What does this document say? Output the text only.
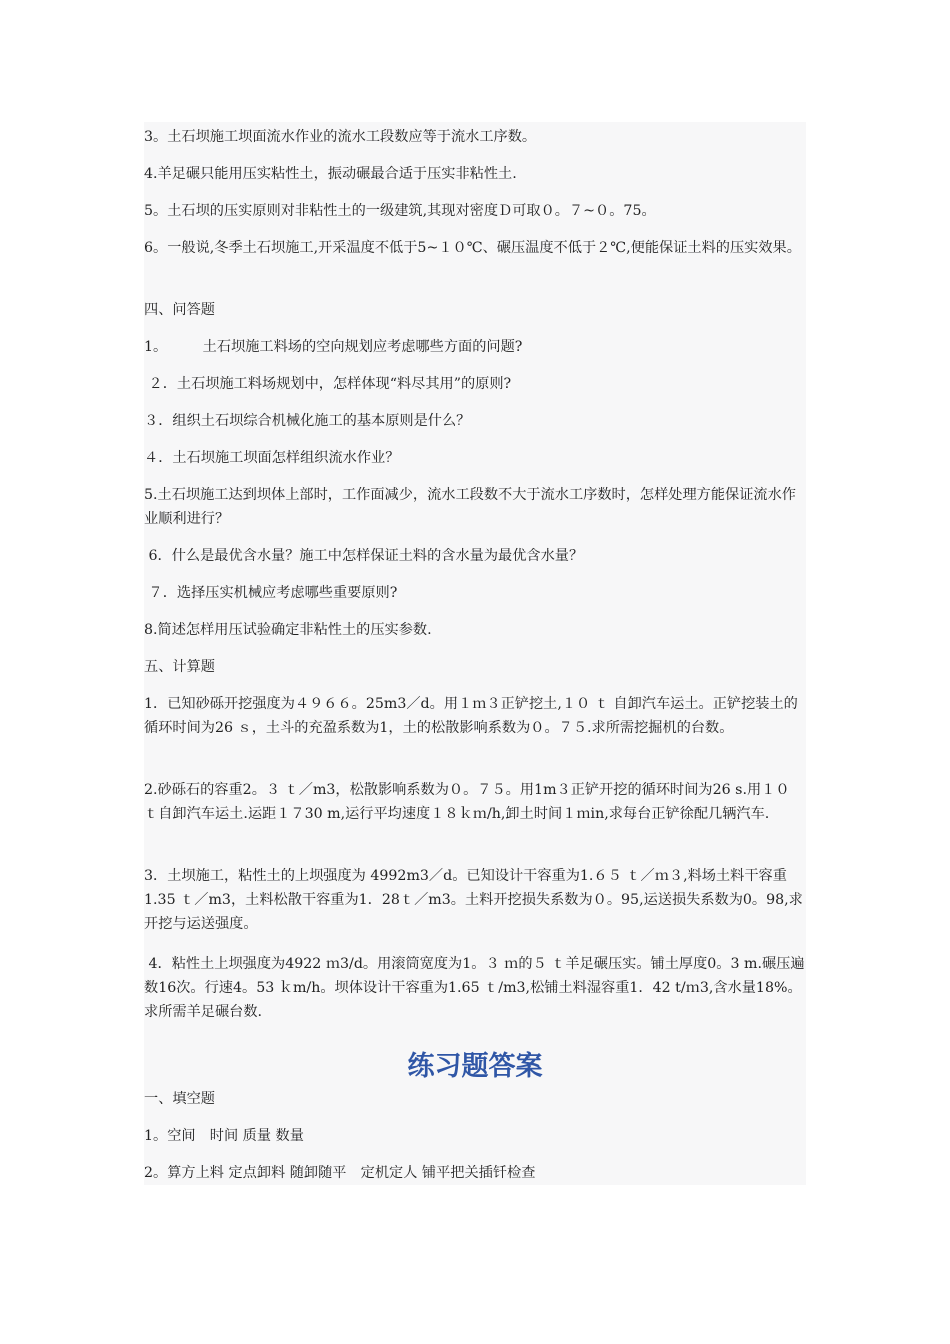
3。土石坝施工坝面流水作业的流水工段数应等于流水工序数。

4.羊足碾只能用压实粘性土，振动碾最合适于压实非粘性土.

5。土石坝的压实原则对非粘性土的一级建筑,其现对密度Ｄ可取０。７~０。75。

6。一般说,冬季土石坝施工,开采温度不低于5~１０℃、碾压温度不低于２℃,便能保证土料的压实效果。

四、问答题

1。　　　土石坝施工料场的空向规划应考虑哪些方面的问题?

２．土石坝施工料场规划中，怎样体现“料尽其用”的原则?

３．组织土石坝综合机械化施工的基本原则是什么？

４．土石坝施工坝面怎样组织流水作业？

5.土石坝施工达到坝体上部时，工作面减少，流水工段数不大于流水工序数时，怎样处理方能保证流水作业顺利进行？

6．什么是最优含水量？施工中怎样保证土料的含水量为最优含水量？

７．选择压实机械应考虑哪些重要原则?

8.简述怎样用压试验确定非粘性土的压实参数.

五、计算题

1．已知砂砾开挖强度为４９６６。25m3／d。用１ｍ３正铲挖土,１０ ｔ 自卸汽车运土。正铲挖装土的循环时间为26 ｓ，土斗的充盈系数为1，土的松散影响系数为０。７５.求所需挖掘机的台数。

2.砂砾石的容重2。３ ｔ／m3，松散影响系数为０。７５。用1m３正铲开挖的循环时间为26 s.用１０ ｔ自卸汽车运土.运距１７30 m,运行平均速度１８ｋｍ/h,卸土时间１ｍin,求每台正铲徐配几辆汽车.

3．土坝施工，粘性土的上坝强度为 4992m3／d。已知设计干容重为1.６５ ｔ／ｍ３,料场土料干容重1.35 ｔ／m3，土料松散干容重为1．28ｔ／m3。土料开挖损失系数为０。95,运送损失系数为0。98,求开挖与运送强度。

4．粘性土上坝强度为4922 ｍ3/d。用滚筒宽度为1。３ ｍ的５ ｔ羊足碾压实。铺土厚度0。3 m.碾压遍数16次。行速4。53 ｋm/h。坝体设计干容重为1.65 ｔ/m3,松铺土料湿容重1．42 t/ｍ3,含水量18%。求所需羊足碾台数.

练习题答案

一、填空题

1。空间　时间 质量 数量

2。算方上料 定点卸料 随卸随平　定机定人 铺平把关插钎检查
